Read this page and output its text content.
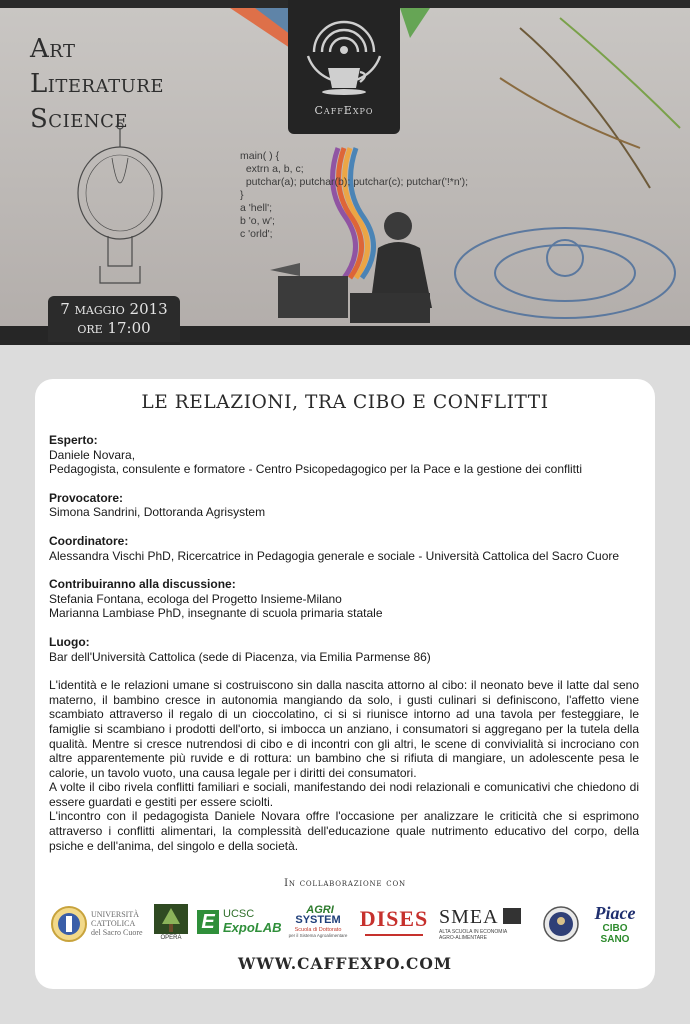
Art
Literature
Science
main( ) {
extrn a, b, c;
putchar(a); putchar(b); putchar(c); putchar('!*n');
}
a 'hell';
b 'o, w';
c 'orld';
CaffExpo
7 maggio 2013
ore 17:00
LE RELAZIONI, TRA CIBO E CONFLITTI
Esperto:
Daniele Novara,
Pedagogista, consulente e formatore - Centro Psicopedagogico per la Pace e la gestione dei conflitti
Provocatore:
Simona Sandrini, Dottoranda Agrisystem
Coordinatore:
Alessandra Vischi PhD, Ricercatrice in Pedagogia generale e sociale - Università Cattolica del Sacro Cuore
Contribuiranno alla discussione:
Stefania Fontana, ecologa del Progetto Insieme-Milano
Marianna Lambiase PhD, insegnante di scuola primaria statale
Luogo:
Bar dell'Università Cattolica (sede di Piacenza, via Emilia Parmense 86)
L'identità e le relazioni umane si costruiscono sin dalla nascita attorno al cibo: il neonato beve il latte dal seno materno, il bambino cresce in autonomia mangiando da solo, i gusti culinari si definiscono, l'affetto viene scambiato attraverso il regalo di un cioccolatino, ci si si riunisce intorno ad una tavola per festeggiare, le famiglie si scambiano i prodotti dell'orto, si imbocca un anziano, i consumatori si aggregano per la tutela della qualità. Mentre si cresce nutrendosi di cibo e di incontri con gli altri, le scene di convivialità si incrociano con altre apparentemente più ruvide e di rottura: un bambino che si rifiuta di mangiare, un adolescente pesa le calorie, un tavolo vuoto, una causa legale per i diritti dei consumatori.
A volte il cibo rivela conflitti familiari e sociali, manifestando dei nodi relazionali e comunicativi che chiedono di essere guardati e gestiti per essere sciolti.
L'incontro con il pedagogista Daniele Novara offre l'occasione per analizzare le criticità che si esprimono attraverso i conflitti alimentari, la complessità dell'educazione quale nutrimento educativo del corpo, della psiche e dell'anima, del singolo e della società.
In collaborazione con
UNIVERSITÀ
CATTOLICA
del Sacro Cuore
OPERA
E UCSC
ExpoLAB
AGRI
SYSTEM
Scuola di Dottorato
per il Sistema Agroalimentare
DISES SMEA
ALTA SCUOLA IN ECONOMIA
AGRO-ALIMENTARE
Piace
CIBO SANO
WWW.CAFFEXPO.COM
